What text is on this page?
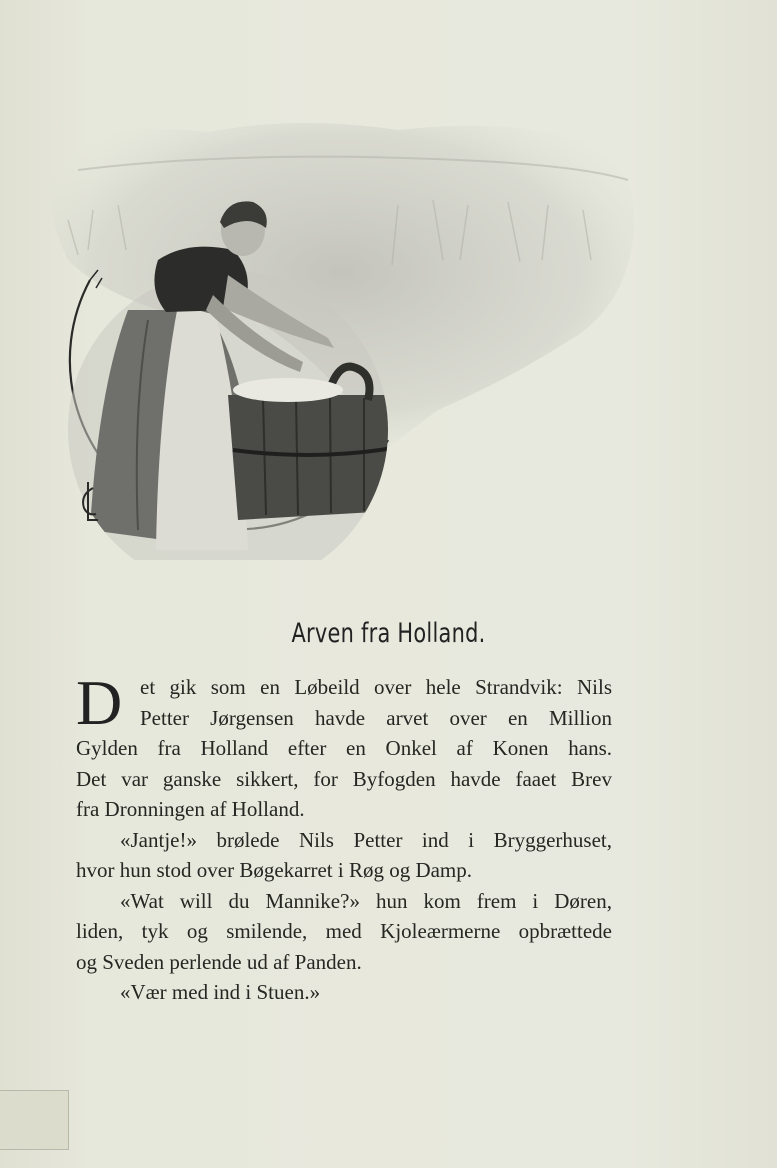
Arven fra Holland.
D et gik som en Løbeild over hele Strandvik: Nils
Petter Jørgensen havde arvet over en Million
Gylden fra Holland efter en Onkel af Konen hans.
Det var ganske sikkert, for Byfogden havde faaet Brev
fra Dronningen af Holland.
«Jantje!» brølede Nils Petter ind i Bryggerhuset,
hvor hun stod over Bøgekarret i Røg og Damp.
«Wat will du Mannike?» hun kom frem i Døren,
liden, tyk og smilende, med Kjoleærmerne opbrættede
og Sveden perlende ud af Panden.
«Vær med ind i Stuen.»
